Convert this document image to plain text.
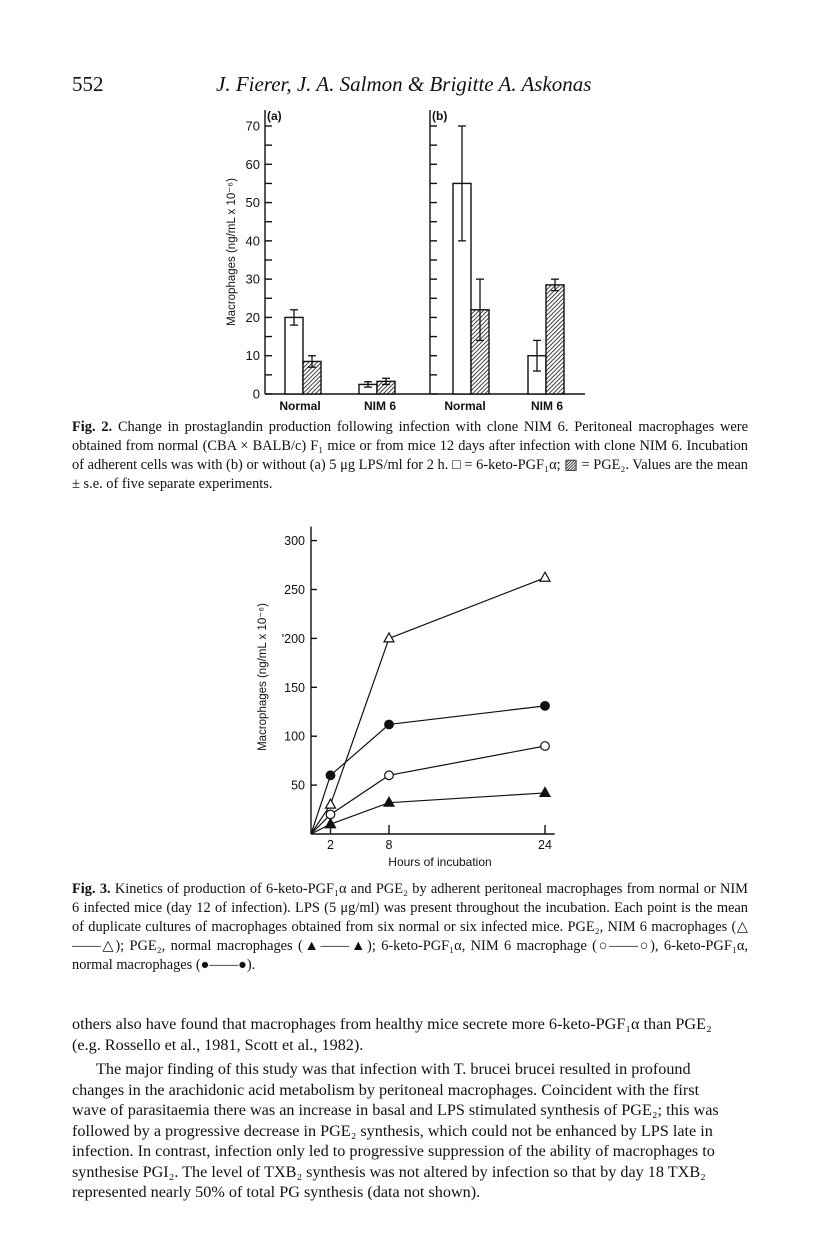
552	J. Fierer, J. A. Salmon & Brigitte A. Askonas
0
10
20
30
40
50
60
70
Normal	NIM 6	Normal	NIM 6
Macrophages (ng/mL x 10⁻⁶)
(a)	(b)
Fig. 2. Change in prostaglandin production following infection with clone NIM 6. Peritoneal macrophages were obtained from normal (CBA × BALB/c) F₁ mice or from mice 12 days after infection with clone NIM 6. Incubation of adherent cells was with (b) or without (a) 5 μg LPS/ml for 2 h. □ = 6-keto-PGF₁α; ▨ = PGE₂. Values are the mean ± s.e. of five separate experiments.
50
100
150
'200
250
300
2	8	24
Macrophages (ng/mL x 10⁻⁶)
Hours of incubation
Fig. 3. Kinetics of production of 6-keto-PGF₁α and PGE₂ by adherent peritoneal macrophages from normal or NIM 6 infected mice (day 12 of infection). LPS (5 μg/ml) was present throughout the incubation. Each point is the mean of duplicate cultures of macrophages obtained from six normal or six infected mice. PGE₂, NIM 6 macrophages (△——△); PGE₂, normal macrophages (▲——▲); 6-keto-PGF₁α, NIM 6 macrophage (○——○), 6-keto-PGF₁α, normal macrophages (●——●).

others also have found that macrophages from healthy mice secrete more 6-keto-PGF₁α than PGE₂
(e.g. Rossello et al., 1981, Scott et al., 1982).

The major finding of this study was that infection with T. brucei brucei resulted in profound
changes in the arachidonic acid metabolism by peritoneal macrophages. Coincident with the first
wave of parasitaemia there was an increase in basal and LPS stimulated synthesis of PGE₂; this was
followed by a progressive decrease in PGE₂ synthesis, which could not be enhanced by LPS late in
infection. In contrast, infection only led to progressive suppression of the ability of macrophages to
synthesise PGI₂. The level of TXB₂ synthesis was not altered by infection so that by day 18 TXB₂
represented nearly 50% of total PG synthesis (data not shown).
